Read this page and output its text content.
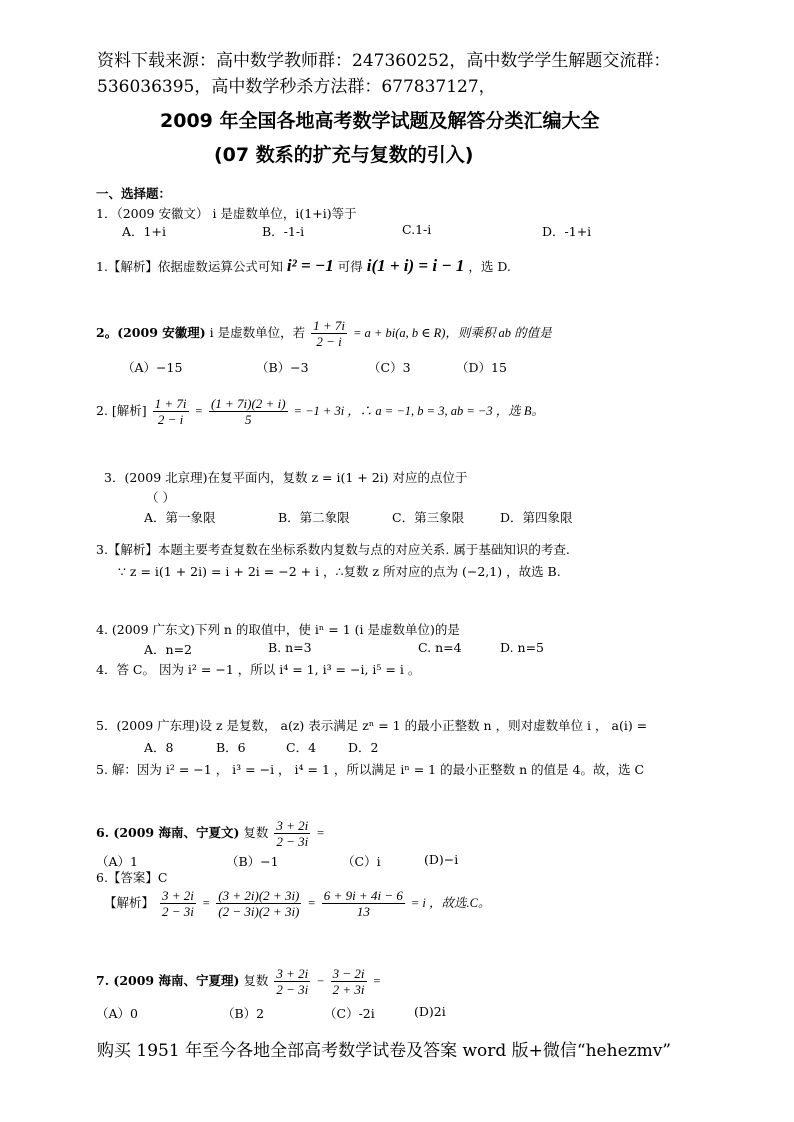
资料下载来源：高中数学教师群：247360252，高中数学学生解题交流群：
536036395，高中数学秒杀方法群：677837127，
2009 年全国各地高考数学试题及解答分类汇编大全
(07 数系的扩充与复数的引入)
一、选择题：
1．（2009 安徽文） i 是虚数单位，i(1+i)等于
A．1+i	B．-1-i	C.1-i	D．-1+i
1.【解析】依据虚数运算公式可知 i² = −1 可得 i(1 + i) = i − 1 ，选 D.
2。(2009 安徽理) i 是虚数单位，若 $\frac{1 + 7i}{2 - i} = a + bi(a$, b ∈ R)，则乘积 ab 的值是
（A）−15	（B）−3	（C）3	（D）15
2. [解析] $\frac{1 + 7i}{2 - i} = \frac{(1 + 7i)(2 + i)}{5} = -1 + 3i$ ，∴ a = −1, b = 3, ab = −3 ，选 B。
3．(2009 北京理)在复平面内，复数 z = i(1 + 2i) 对应的点位于
（ ）
A．第一象限	B．第二象限	C．第三象限	D．第四象限
3.【解析】本题主要考查复数在坐标系数内复数与点的对应关系. 属于基础知识的考查.
∵ z = i(1 + 2i) = i + 2i = −2 + i ，∴复数 z 所对应的点为 (−2,1) ，故选 B.
4. (2009 广东文)下列 n 的取值中，使 iⁿ = 1 (i 是虚数单位)的是
A．n=2	B. n=3	C. n=4	D. n=5
4．答 C。 因为 i² = −1 ，所以 i⁴ = 1, i³ = −i, i⁵ = i 。
5．(2009 广东理)设 z 是复数， a(z) 表示满足 zⁿ = 1 的最小正整数 n ，则对虚数单位 i ， a(i) =
A．8	B．6	C．4	D．2
5. 解：因为 i² = −1 ， i³ = −i ， i⁴ = 1 ，所以满足 iⁿ = 1 的最小正整数 n 的值是 4。故，选 C
6. (2009 海南、宁夏文) 复数 $\frac{3 + 2i}{2 - 3i}$ =
（A）1	（B）−1	（C）i	(D)−i
6.【答案】C
【解析】 $\frac{3 + 2i}{2 - 3i} = \frac{(3 + 2i)(2 + 3i)}{(2 - 3i)(2 + 3i)} = \frac{6 + 9i + 4i - 6}{13} = i$ ，故选.C。
7. (2009 海南、宁夏理) 复数 $\frac{3 + 2i}{2 - 3i} - \frac{3 - 2i}{2 + 3i}$ =
（A）0	（B）2	（C）-2i	(D)2i
购买 1951 年至今各地全部高考数学试卷及答案 word 版+微信“hehezmv”
